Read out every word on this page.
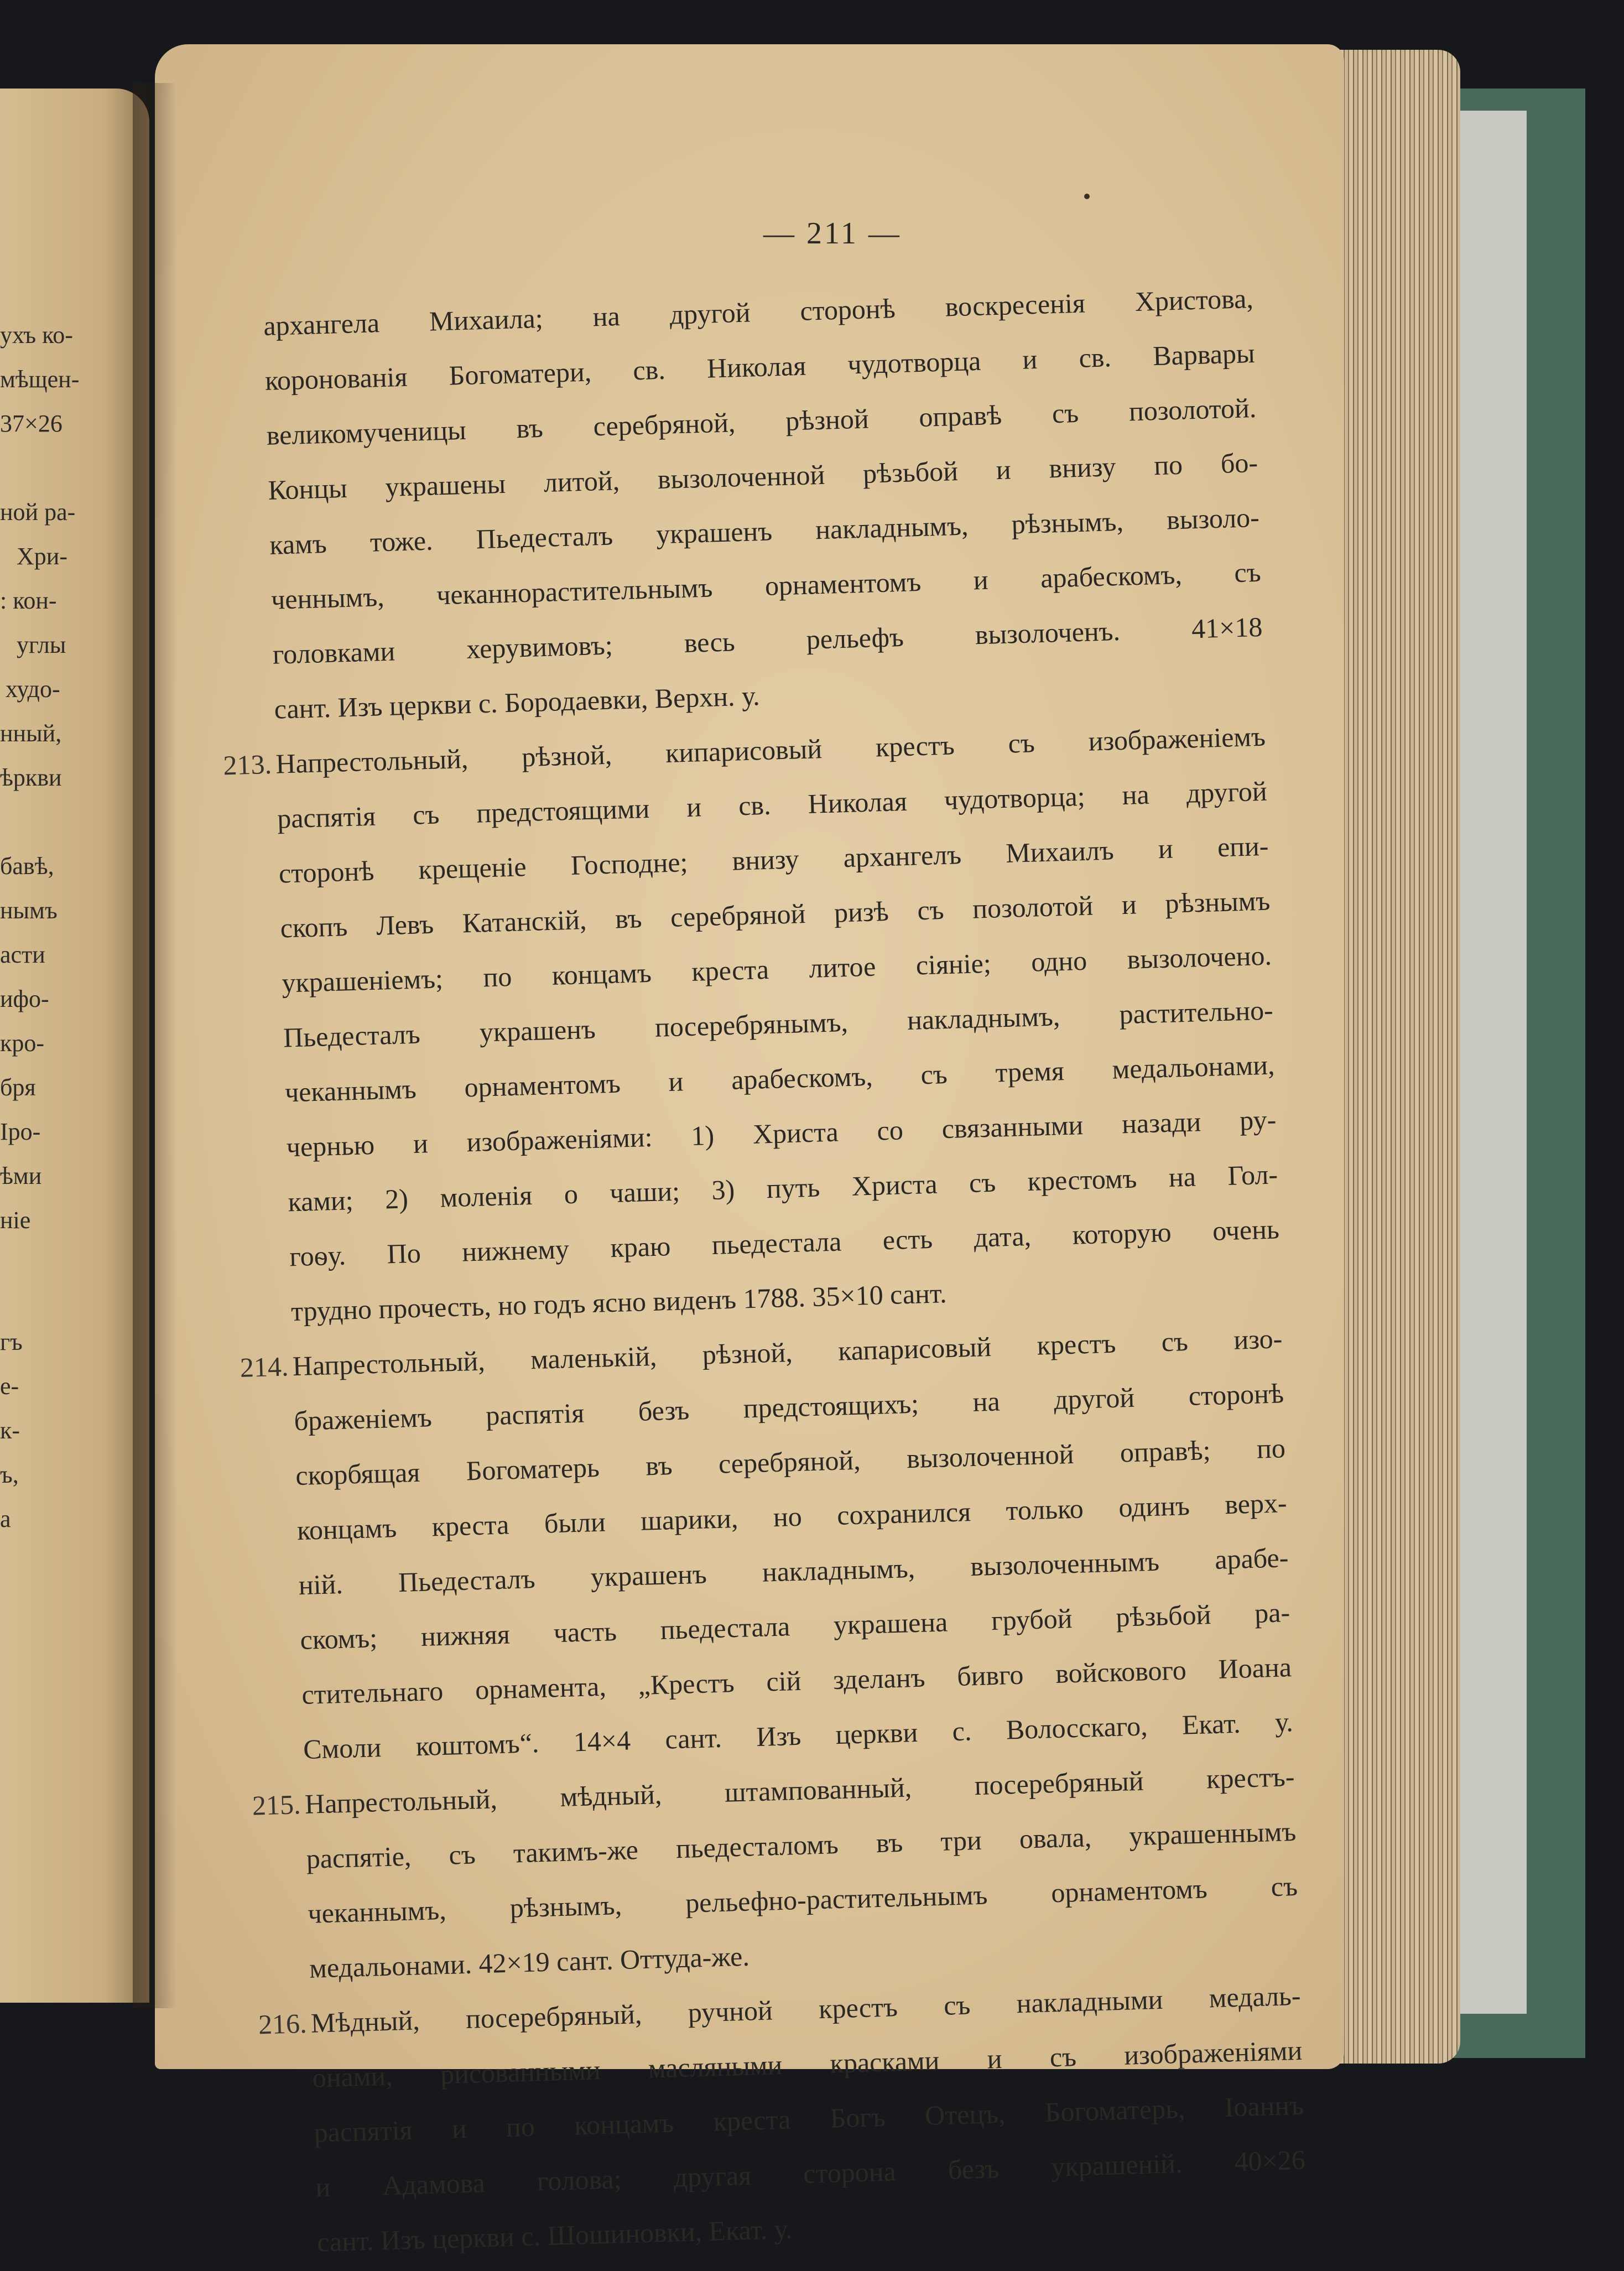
ухъ ко-
мѣщен-
37×26
ной ра-
Хри-
: кон-
углы
худо-
нный,
ѣркви
бавѣ,
нымъ
асти
ифо-
кро-
бря
Iро-
ѣми
ніе
гъ
е-
к-
ъ,
а
— 211 —
архангела Михаила; на другой сторонѣ воскресенія Христова,
коронованія Богоматери, св. Николая чудотворца и св. Варвары
великомученицы въ серебряной, рѣзной оправѣ съ позолотой.
Концы украшены литой, вызолоченной рѣзьбой и внизу по бо-
камъ тоже. Пьедесталъ украшенъ накладнымъ, рѣзнымъ, вызоло-
ченнымъ, чеканнорастительнымъ орнаментомъ и арабескомъ, съ
головками херувимовъ; весь рельефъ вызолоченъ. 41×18
сант. Изъ церкви с. Бородаевки, Верхн. у.
213. Напрестольный, рѣзной, кипарисовый крестъ съ изображеніемъ
распятія съ предстоящими и св. Николая чудотворца; на другой
сторонѣ крещеніе Господне; внизу архангелъ Михаилъ и епи-
скопъ Левъ Катанскій, въ серебряной ризѣ съ позолотой и рѣзнымъ
украшеніемъ; по концамъ креста литое сіяніе; одно вызолочено.
Пьедесталъ украшенъ посеребрянымъ, накладнымъ, растительно-
чеканнымъ орнаментомъ и арабескомъ, съ тремя медальонами,
чернью и изображеніями: 1) Христа со связанными назади ру-
ками; 2) моленія о чаши; 3) путь Христа съ крестомъ на Гол-
гоѳу. По нижнему краю пьедестала есть дата, которую очень
трудно прочесть, но годъ ясно виденъ 1788. 35×10 сант.
214. Напрестольный, маленькій, рѣзной, капарисовый крестъ съ изо-
браженіемъ распятія безъ предстоящихъ; на другой сторонѣ
скорбящая Богоматерь въ серебряной, вызолоченной оправѣ; по
концамъ креста были шарики, но сохранился только одинъ верх-
ній. Пьедесталъ украшенъ накладнымъ, вызолоченнымъ арабе-
скомъ; нижняя часть пьедестала украшена грубой рѣзьбой ра-
стительнаго орнамента, „Крестъ сій зделанъ бивго войскового Иоана
Смоли коштомъ“. 14×4 сант. Изъ церкви с. Волосскаго, Екат. у.
215. Напрестольный, мѣдный, штампованный, посеребряный крестъ-
распятіе, съ такимъ-же пьедесталомъ въ три овала, украшеннымъ
чеканнымъ, рѣзнымъ, рельефно-растительнымъ орнаментомъ съ
медальонами. 42×19 сант. Оттуда-же.
216. Мѣдный, посеребряный, ручной крестъ съ накладными медаль-
онами, рисованными масляными красками и съ изображеніями
распятія и по концамъ креста Богъ Отецъ, Богоматерь, Іоаннъ
и Адамова голова; другая сторона безъ украшеній. 40×26
сант. Изъ церкви с. Шошиновки, Екат. у.
